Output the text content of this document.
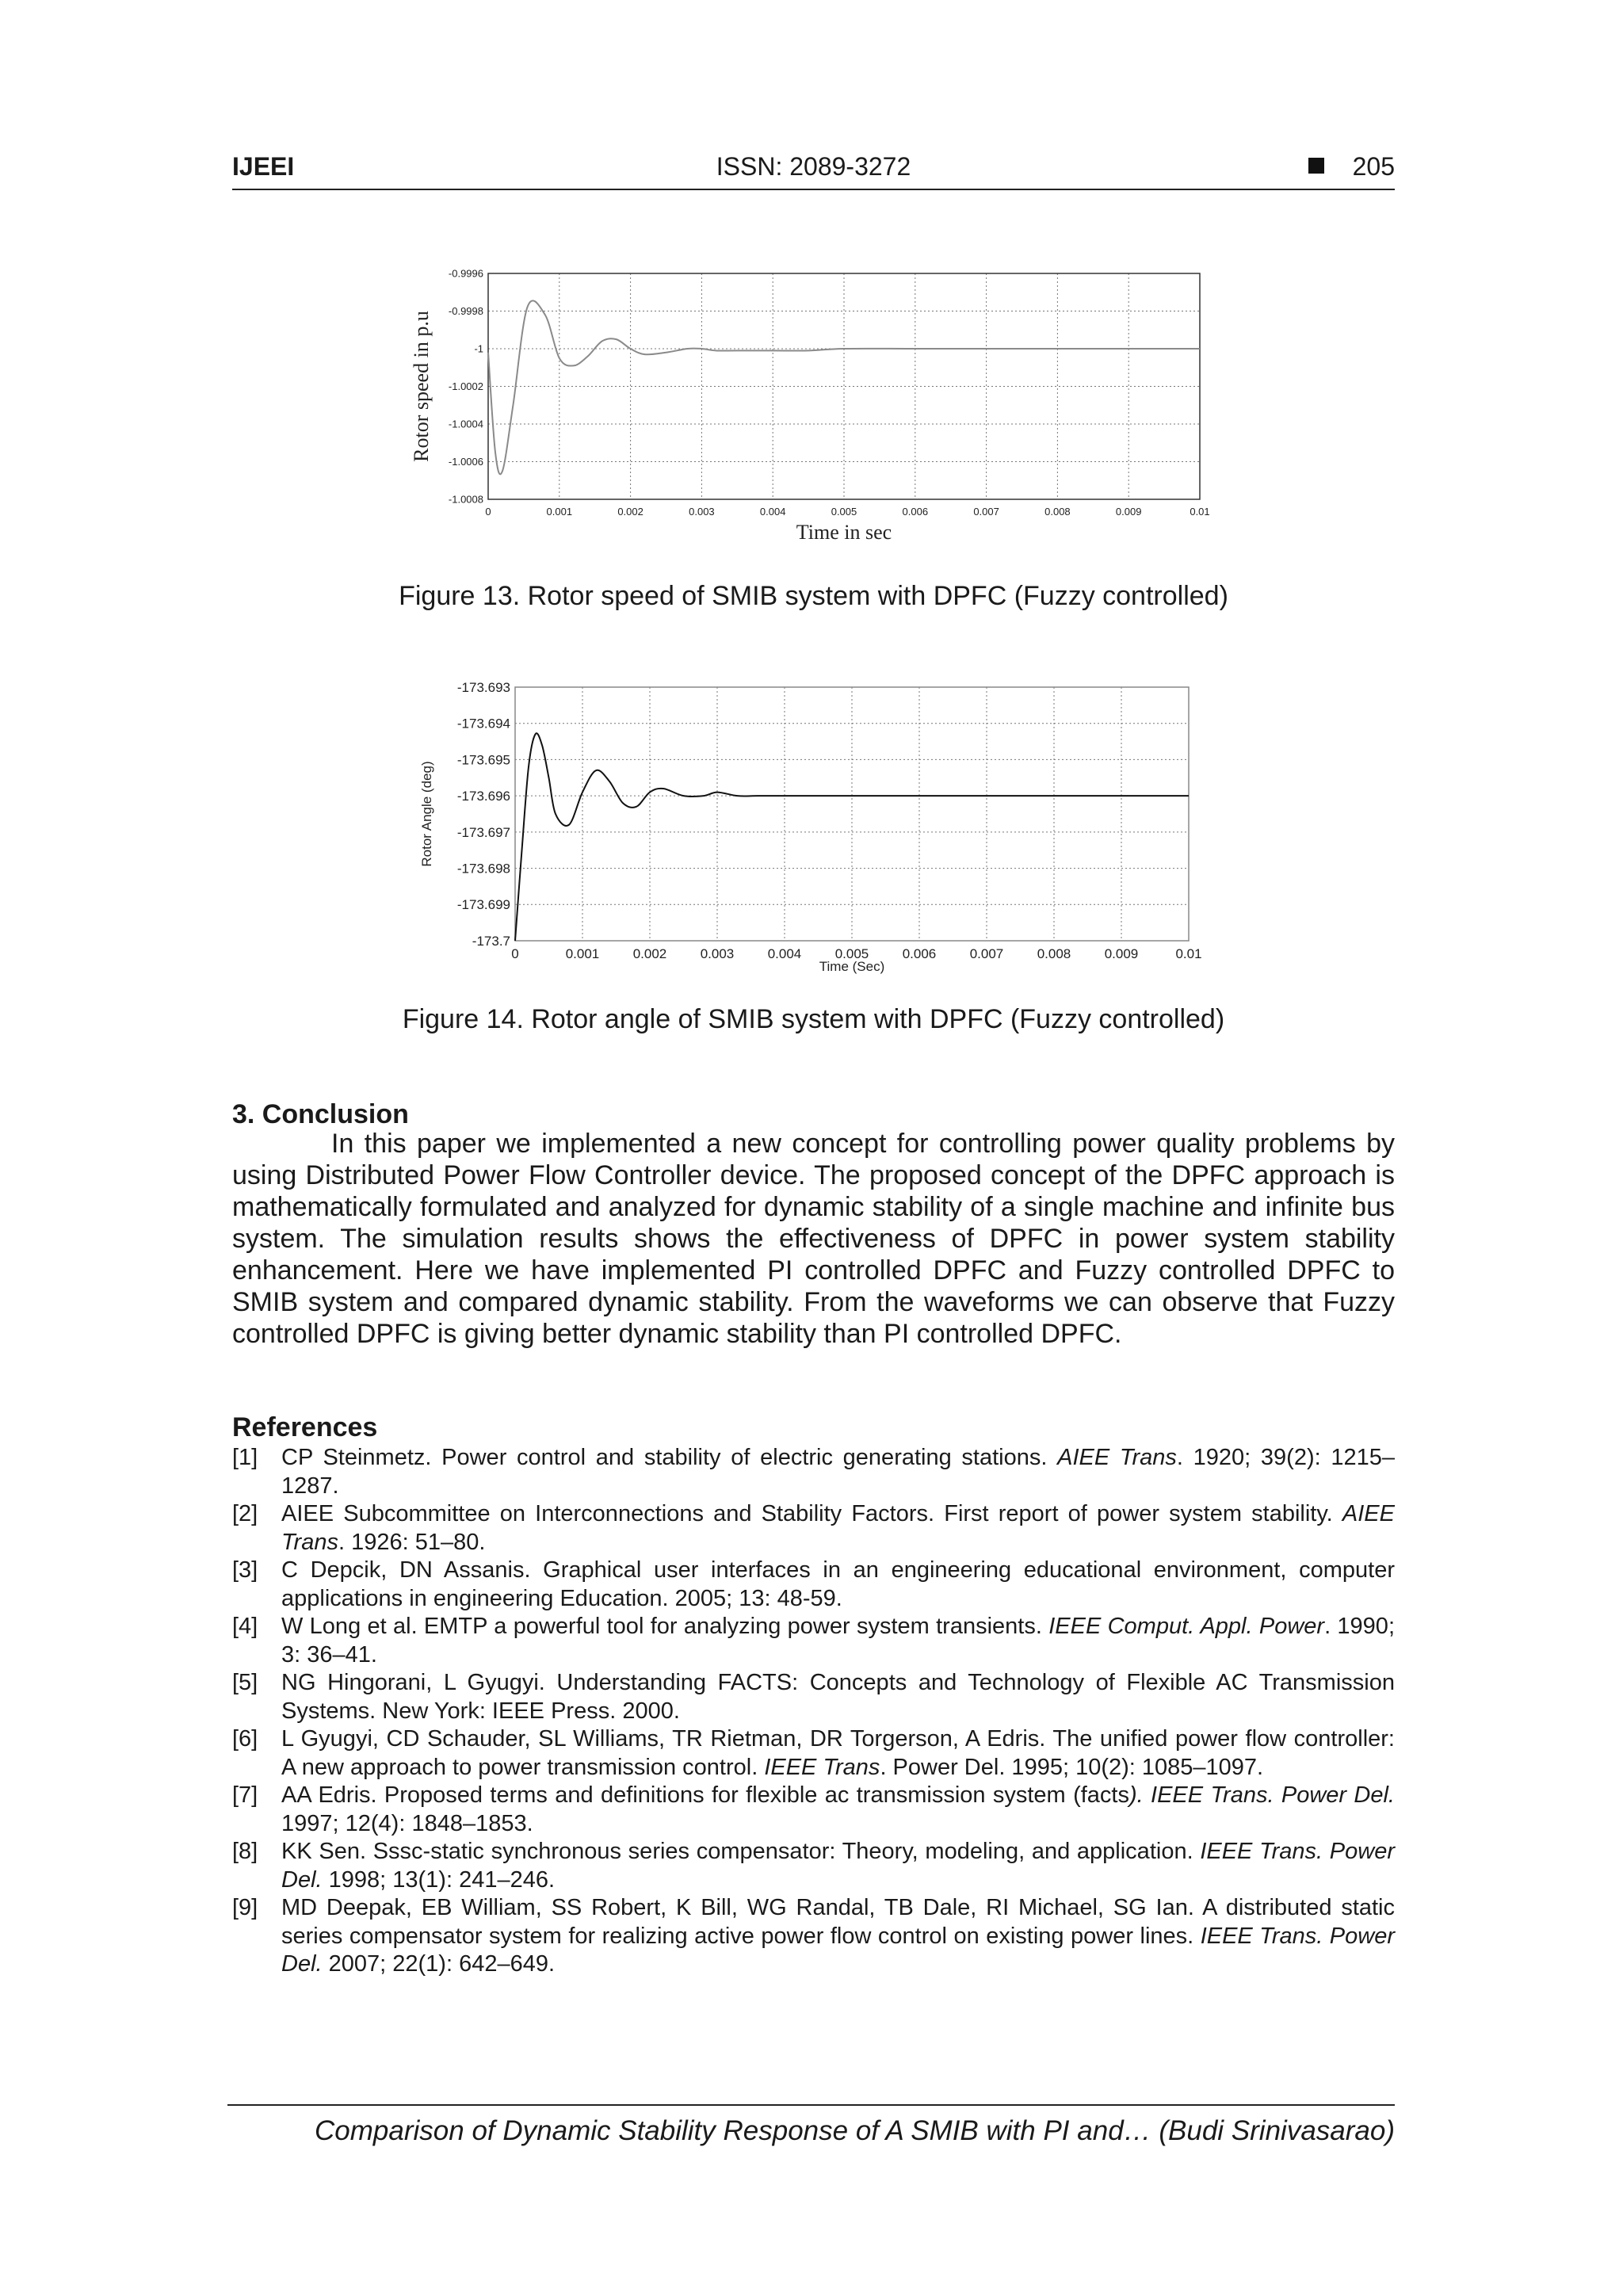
IJEEI	ISSN: 2089-3272	205
0	0.001	0.002	0.003	0.004	0.005	0.006	0.007	0.008	0.009	0.01
-0.9996
-0.9998
-1
-1.0002
-1.0004
-1.0006
-1.0008
Time in sec
Rotor speed in p.u
Figure 13. Rotor speed of SMIB system with DPFC (Fuzzy controlled)
0	0.001 0.002 0.003 0.004 0.005 0.006 0.007 0.008 0.009	0.01
-173.693
-173.694
-173.695
-173.696
-173.697
-173.698
-173.699
-173.7
Time (Sec)
Rotor Angle (deg)
Figure 14. Rotor angle of SMIB system with DPFC (Fuzzy controlled)
3. Conclusion

In this paper we implemented a new concept for controlling power quality problems by using Distributed Power Flow Controller device. The proposed concept of the DPFC approach is mathematically formulated and analyzed for dynamic stability of a single machine and infinite bus system. The simulation results shows the effectiveness of DPFC in power system stability enhancement. Here we have implemented PI controlled DPFC and Fuzzy controlled DPFC to SMIB system and compared dynamic stability. From the waveforms we can observe that Fuzzy controlled DPFC is giving better dynamic stability than PI controlled DPFC.

References
[1] CP Steinmetz. Power control and stability of electric generating stations. AIEE Trans. 1920; 39(2): 1215–1287.
[2] AIEE Subcommittee on Interconnections and Stability Factors. First report of power system stability. AIEE Trans. 1926: 51–80.
[3] C Depcik, DN Assanis. Graphical user interfaces in an engineering educational environment, computer applications in engineering Education. 2005; 13: 48-59.
[4] W Long et al. EMTP a powerful tool for analyzing power system transients. IEEE Comput. Appl. Power. 1990; 3: 36–41.
[5] NG Hingorani, L Gyugyi. Understanding FACTS: Concepts and Technology of Flexible AC Transmission Systems. New York: IEEE Press. 2000.
[6] L Gyugyi, CD Schauder, SL Williams, TR Rietman, DR Torgerson, A Edris. The unified power flow controller: A new approach to power transmission control. IEEE Trans. Power Del. 1995; 10(2): 1085–1097.
[7] AA Edris. Proposed terms and definitions for flexible ac transmission system (facts). IEEE Trans. Power Del. 1997; 12(4): 1848–1853.
[8] KK Sen. Sssc-static synchronous series compensator: Theory, modeling, and application. IEEE Trans. Power Del. 1998; 13(1): 241–246.
[9] MD Deepak, EB William, SS Robert, K Bill, WG Randal, TB Dale, RI Michael, SG Ian. A distributed static series compensator system for realizing active power flow control on existing power lines. IEEE Trans. Power Del. 2007; 22(1): 642–649.
Comparison of Dynamic Stability Response of A SMIB with PI and… (Budi Srinivasarao)
